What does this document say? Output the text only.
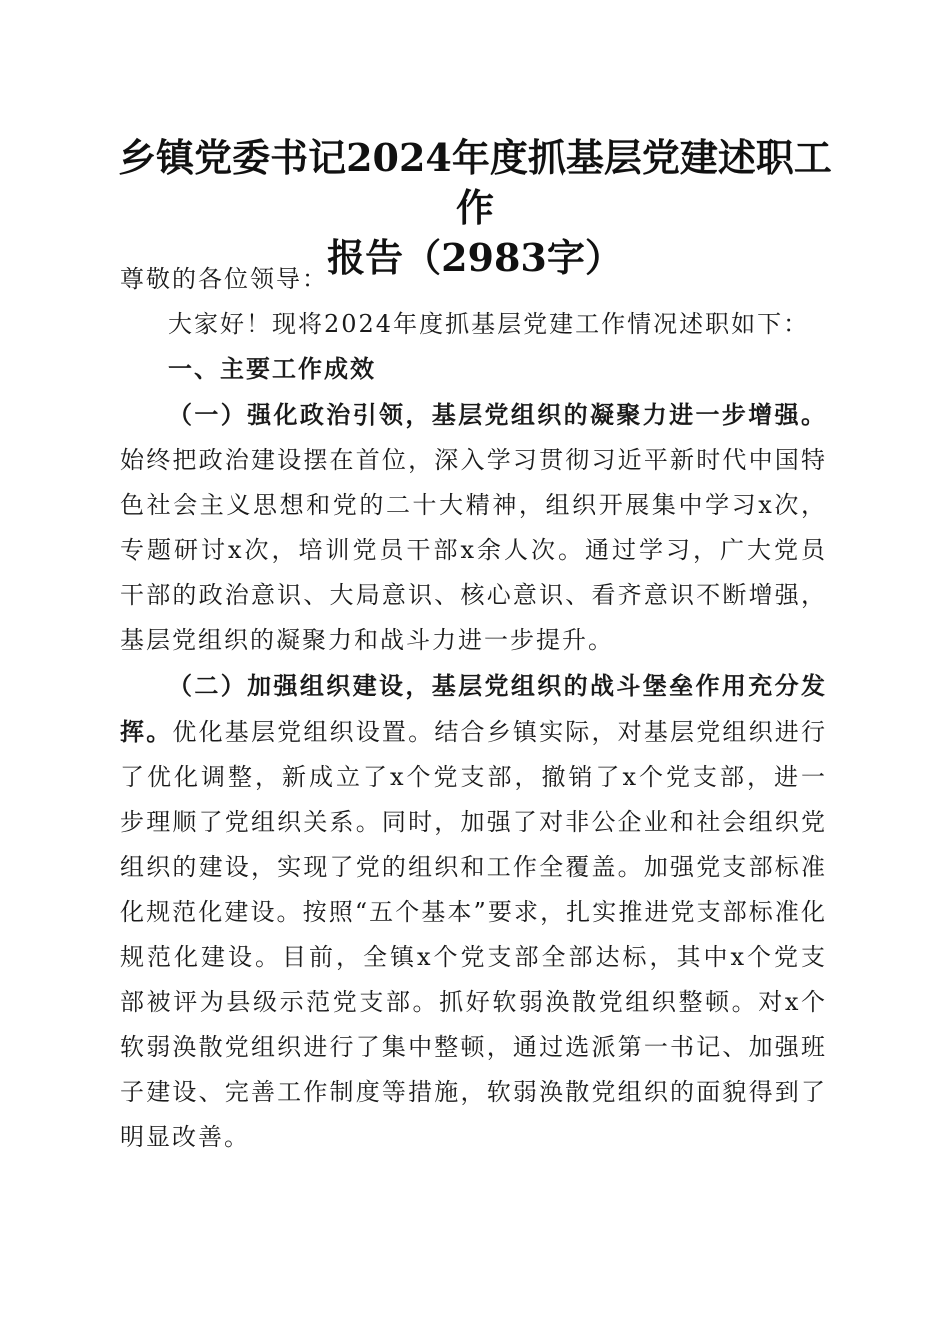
乡镇党委书记2024年度抓基层党建述职工作
报告（2983字）

尊敬的各位领导：

大家好！现将2024年度抓基层党建工作情况述职如下：

一、主要工作成效

（一）强化政治引领，基层党组织的凝聚力进一步增强。始终把政治建设摆在首位，深入学习贯彻习近平新时代中国特色社会主义思想和党的二十大精神，组织开展集中学习x次，专题研讨x次，培训党员干部x余人次。通过学习，广大党员干部的政治意识、大局意识、核心意识、看齐意识不断增强，基层党组织的凝聚力和战斗力进一步提升。

（二）加强组织建设，基层党组织的战斗堡垒作用充分发挥。优化基层党组织设置。结合乡镇实际，对基层党组织进行了优化调整，新成立了x个党支部，撤销了x个党支部，进一步理顺了党组织关系。同时，加强了对非公企业和社会组织党组织的建设，实现了党的组织和工作全覆盖。加强党支部标准化规范化建设。按照“五个基本”要求，扎实推进党支部标准化规范化建设。目前，全镇x个党支部全部达标，其中x个党支部被评为县级示范党支部。抓好软弱涣散党组织整顿。对x个软弱涣散党组织进行了集中整顿，通过选派第一书记、加强班子建设、完善工作制度等措施，软弱涣散党组织的面貌得到了明显改善。
